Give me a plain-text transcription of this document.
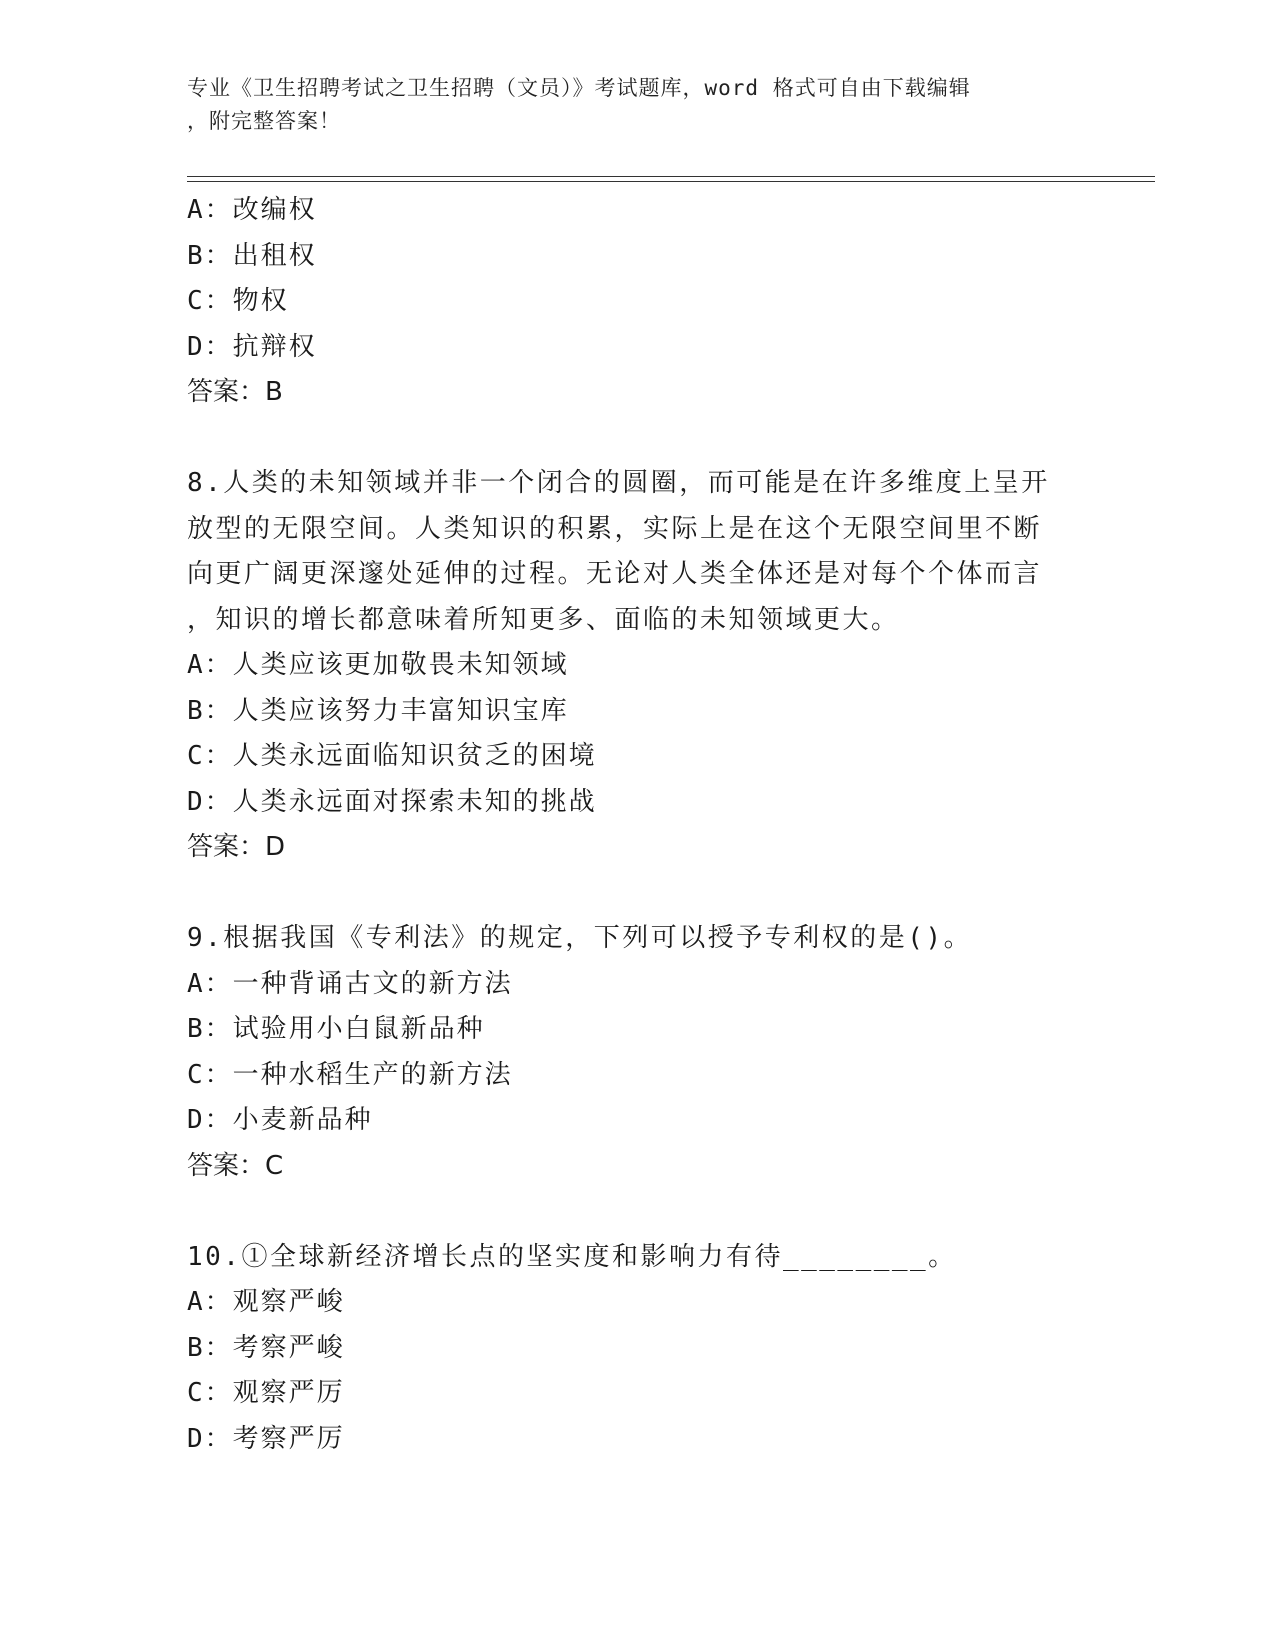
专业《卫生招聘考试之卫生招聘（文员）》考试题库，word 格式可自由下载编辑
，附完整答案！
A：改编权
B：出租权
C：物权
D：抗辩权
答案：B
8.人类的未知领域并非一个闭合的圆圈，而可能是在许多维度上呈开
放型的无限空间。人类知识的积累，实际上是在这个无限空间里不断
向更广阔更深邃处延伸的过程。无论对人类全体还是对每个个体而言
，知识的增长都意味着所知更多、面临的未知领域更大。
A：人类应该更加敬畏未知领域
B：人类应该努力丰富知识宝库
C：人类永远面临知识贫乏的困境
D：人类永远面对探索未知的挑战
答案：D
9.根据我国《专利法》的规定，下列可以授予专利权的是()。
A：一种背诵古文的新方法
B：试验用小白鼠新品种
C：一种水稻生产的新方法
D：小麦新品种
答案：C
10.①全球新经济增长点的坚实度和影响力有待________。
A：观察严峻
B：考察严峻
C：观察严厉
D：考察严厉
